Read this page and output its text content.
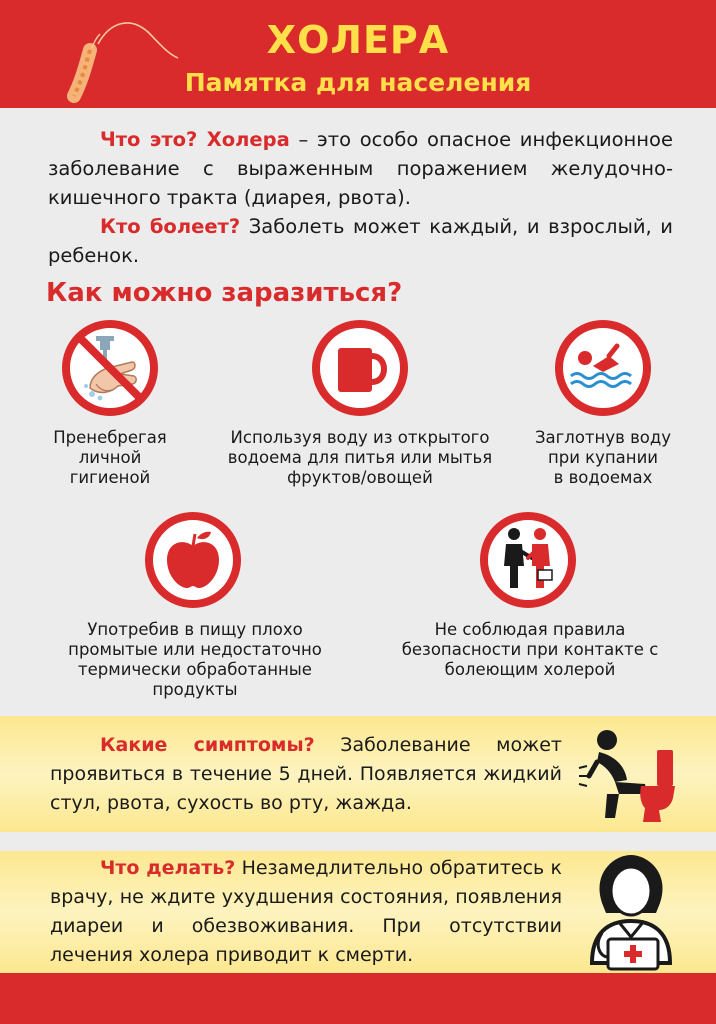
ХОЛЕРА
Памятка для населения

Что это? Холера – это особо опасное инфекционное заболевание с выраженным поражением желудочно-кишечного тракта (диарея, рвота).

Кто болеет? Заболеть может каждый, и взрослый, и ребенок.

Как можно заразиться?
Пренебрегая
личной
гигиеной
Используя воду из открытого
водоема для питья или мытья
фруктов/овощей
Заглотнув воду
при купании
в водоемах
Употребив в пищу плохо
промытые или недостаточно
термически обработанные
продукты
Не соблюдая правила
безопасности при контакте с
болеющим холерой

Какие симптомы? Заболевание может проявиться в течение 5 дней. Появляется жидкий стул, рвота, сухость во рту, жажда.

Что делать? Незамедлительно обратитесь к врачу, не ждите ухудшения состояния, появления диареи и обезвоживания. При отсутствии лечения холера приводит к смерти.
